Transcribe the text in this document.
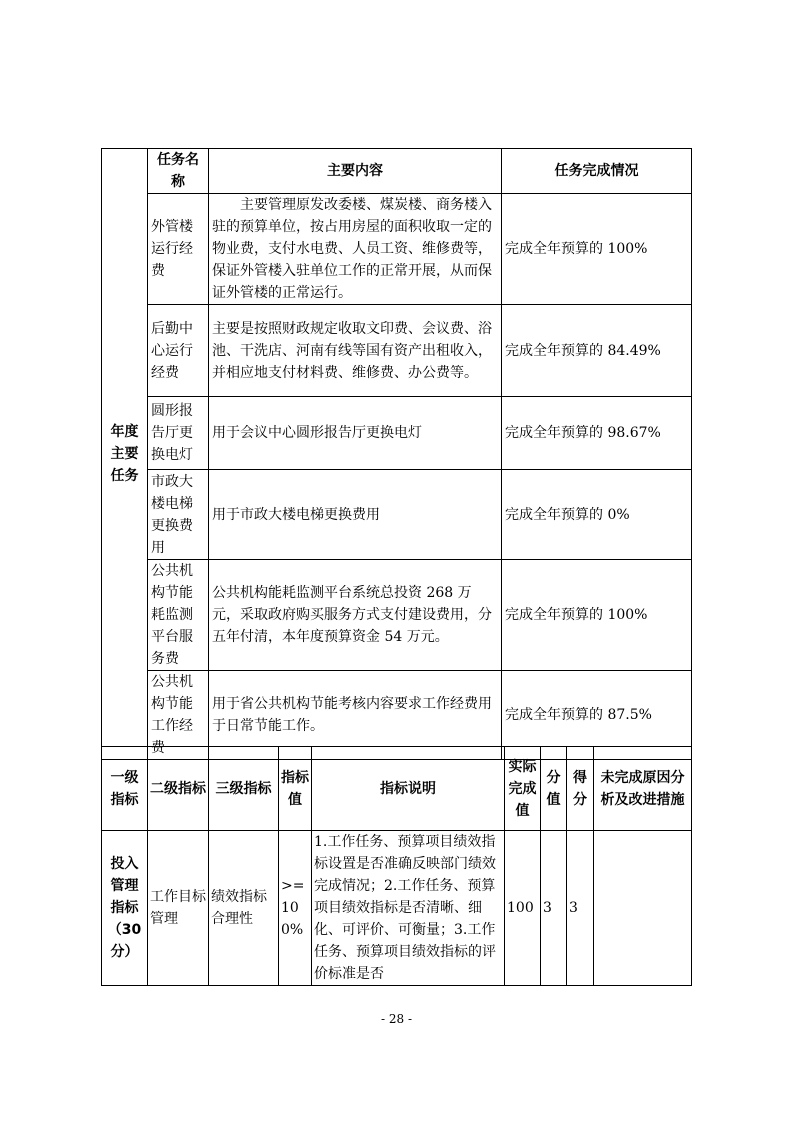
年度主要任务	任务名称	主要内容	任务完成情况
	外管楼运行经费	主要管理原发改委楼、煤炭楼、商务楼入驻的预算单位，按占用房屋的面积收取一定的物业费，支付水电费、人员工资、维修费等，保证外管楼入驻单位工作的正常开展，从而保证外管楼的正常运行。	完成全年预算的 100%
	后勤中心运行经费	主要是按照财政规定收取文印费、会议费、浴池、干洗店、河南有线等国有资产出租收入，并相应地支付材料费、维修费、办公费等。	完成全年预算的 84.49%
	圆形报告厅更换电灯	用于会议中心圆形报告厅更换电灯	完成全年预算的 98.67%
	市政大楼电梯更换费用	用于市政大楼电梯更换费用	完成全年预算的 0%
	公共机构节能耗监测平台服务费	公共机构能耗监测平台系统总投资 268 万元，采取政府购买服务方式支付建设费用，分五年付清，本年度预算资金 54 万元。	完成全年预算的 100%
	公共机构节能工作经费	用于省公共机构节能考核内容要求工作经费用于日常节能工作。	完成全年预算的 87.5%
一级指标	二级指标	三级指标	指标值	指标说明	实际完成值	分值	得分	未完成原因分析及改进措施
投入管理指标（30分）	工作目标管理	绩效指标合理性	>=100%	1.工作任务、预算项目绩效指标设置是否准确反映部门绩效完成情况；2.工作任务、预算项目绩效指标是否清晰、细化、可评价、可衡量；3.工作任务、预算项目绩效指标的评价标准是否	100	3	3	
- 28 -
